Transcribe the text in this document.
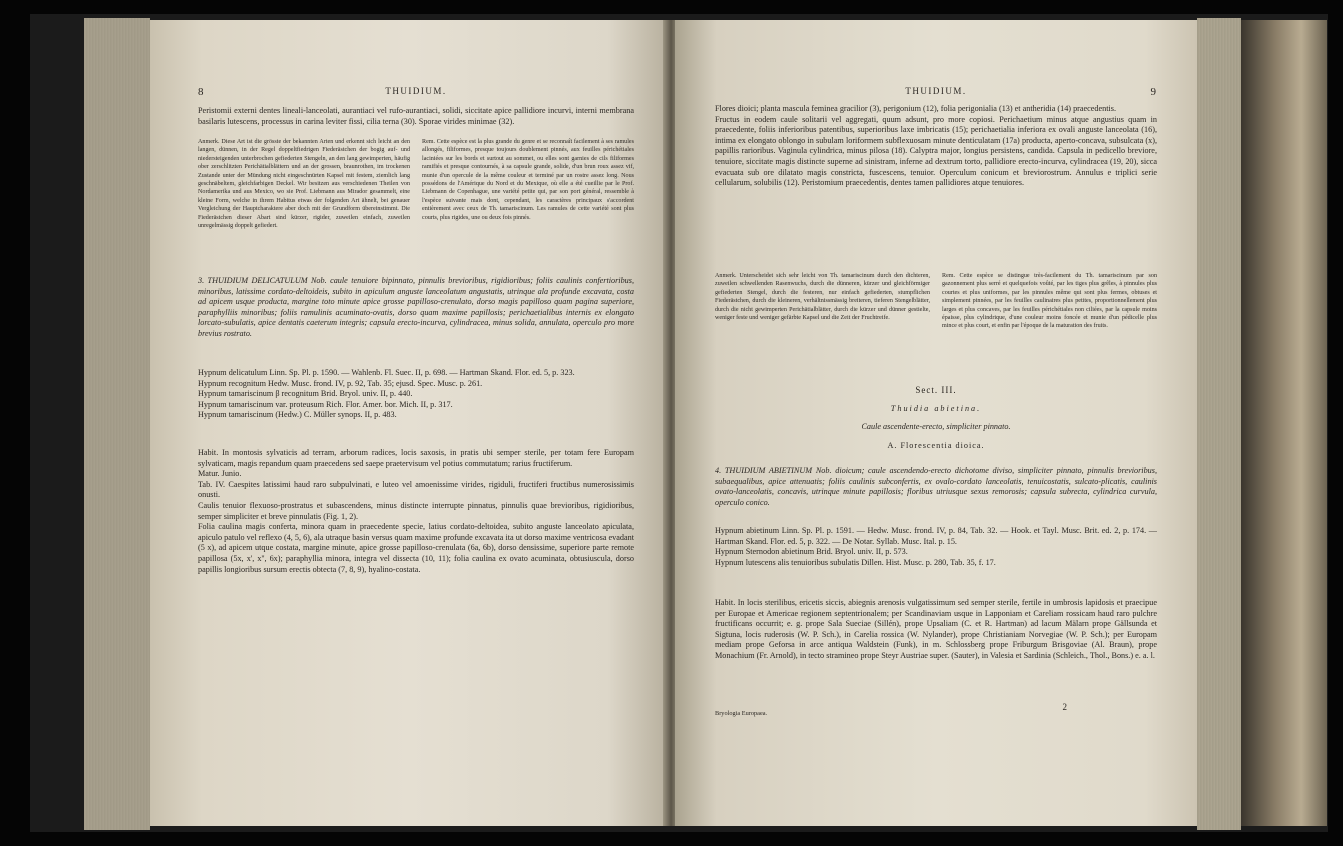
8	THUIDIUM.

Peristomii externi dentes lineali-lanceolati, aurantiaci vel rufo-aurantiaci, solidi, siccitate apice pallidiore incurvi, interni membrana basilaris lutescens, processus in carina leviter fissi, cilia terna (30). Sporae virides minimae (32).

Anmerk. Diese Art ist die grösste der bekannten Arten und erkennt sich leicht an den langen, dünnen, in der Regel doppeltfiedrigen Fiederästchen der bogig auf- und niedersteigenden unterbrochen gefiederten Stengeln, an den lang gewimperten, häufig ober zerschlitzten Perichätialblättern und an der grossen, braunrothen, im trockenen Zustande unter der Mündung nicht eingeschnürten Kapsel mit festem, ziemlich lang geschnäbeltem, gleichfarbigen Deckel. Wir besitzen aus verschiedenen Theilen von Nordamerika und aus Mexico, wo sie Prof. Liebmann aus Mirador gesammelt, eine kleine Form, welche in ihrem Habitus etwas der folgenden Art ähnelt, bei genauer Vergleichung der Hauptcharaktere aber doch mit der Grundform übereinstimmt. Die Fiederästchen dieser Abart sind kürzer, rigider, zuweilen einfach, zuweilen unregelmässig doppelt gefiedert.
Rem. Cette espèce est la plus grande du genre et se reconnaît facilement à ses ramules allongés, filiformes, presque toujours doublement pinnés, aux feuilles périchétiales laciniées sur les bords et surtout au sommet, ou elles sont garnies de cils filiformes ramifiés et presque contournés, à sa capsule grande, solide, d'un brun roux assez vif, munie d'un opercule de la même couleur et terminé par un rostre assez long. Nous possédons de l'Amérique du Nord et du Mexique, où elle a été cueillie par le Prof. Liebmann de Copenhague, une variété petite qui, par son port général, ressemble à l'espèce suivante mais dont, cependant, les caractères principaux s'accordent entièrement avec ceux de Th. tamariscinum. Les ramules de cette variété sont plus courts, plus rigides, une ou deux fois pinnés.

3. THUIDIUM DELICATULUM Nob. caule tenuiore bipinnato, pinnulis brevioribus, rigidioribus; foliis caulinis confertioribus, minoribus, latissime cordato-deltoideis, subito in apiculum anguste lanceolatum angustatis, utrinque ala profunde excavata, costa ad apicem usque producta, margine toto minute apice grosse papilloso-crenulato, dorso magis papilloso quam pagina superiore, paraphylliis minoribus; foliis ramulinis acuminato-ovatis, dorso quam maxime papillosis; perichaetialibus internis ex elongato lorcato-subulatis, apice dentatis caeterum integris; capsula erecto-incurva, cylindracea, minus solida, annulata, operculo pro more brevius rostrato.

Hypnum delicatulum Linn. Sp. Pl. p. 1590. — Wahlenb. Fl. Suec. II, p. 698. — Hartman Skand. Flor. ed. 5, p. 323.

Hypnum recognitum Hedw. Musc. frond. IV, p. 92, Tab. 35; ejusd. Spec. Musc. p. 261.

Hypnum tamariscinum β recognitum Brid. Bryol. univ. II, p. 440.

Hypnum tamariscinum var. proteusum Rich. Flor. Amer. bor. Mich. II, p. 317.

Hypnum tamariscinum (Hedw.) C. Müller synops. II, p. 483.

Habit. In montosis sylvaticis ad terram, arborum radices, locis saxosis, in pratis ubi semper sterile, per totam fere Europam sylvaticam, magis repandum quam praecedens sed saepe praetervisum vel potius commutatum; rarius fructiferum.

Matur. Junio.

Tab. IV. Caespites latissimi haud raro subpulvinati, e luteo vel amoenissime virides, rigiduli, fructiferi fructibus numerosissimis onusti.

Caulis tenuior flexuoso-prostratus et subascendens, minus distincte interrupte pinnatus, pinnulis quae brevioribus, rigidioribus, semper simpliciter et breve pinnulatis (Fig. 1, 2).

Folia caulina magis conferta, minora quam in praecedente specie, latius cordato-deltoidea, subito anguste lanceolato apiculata, apiculo patulo vel reflexo (4, 5, 6), ala utraque basin versus quam maxime profunde excavata ita ut dorso maxime ventricosa evadant (5 x), ad apicem utque costata, margine minute, apice grosse papilloso-crenulata (6a, 6b), dorso densissime, superiore parte remote papillosa (5x, x', x'', 6x); paraphyllia minora, integra vel dissecta (10, 11); folia caulina ex ovato acuminata, obtusiuscula, dorso papillis longioribus sursum erectis obtecta (7, 8, 9), hyalino-costata.

THUIDIUM.	9

Flores dioici; planta mascula feminea gracilior (3), perigonium (12), folia perigonialia (13) et antheridia (14) praecedentis.

Fructus in eodem caule solitarii vel aggregati, quum adsunt, pro more copiosi. Perichaetium minus atque angustius quam in praecedente, foliis inferioribus patentibus, superioribus laxe imbricatis (15); perichaetialia inferiora ex ovali anguste lanceolata (16), intima ex elongato oblongo in subulam loriformem subflexuosam minute denticulatam (17a) producta, aperto-concava, subsulcata (x), papillis rarioribus. Vaginula cylindrica, minus pilosa (18). Calyptra major, longius persistens, candida. Capsula in pedicello breviore, tenuiore, siccitate magis distincte superne ad sinistram, inferne ad dextrum torto, pallidiore erecto-incurva, cylindracea (19, 20), sicca evacuata sub ore dilatato magis constricta, fuscescens, tenuior. Operculum conicum et breviorostrum. Annulus e triplici serie cellularum, solubilis (12). Peristomium praecedentis, dentes tamen pallidiores atque tenuiores.

Anmerk. Unterscheidet sich sehr leicht von Th. tamariscinum durch den dichteren, zuweilen schwellenden Rasenwuchs, durch die dünneren, kürzer und gleichförmiger gefiederten Stengel, durch die festeren, nur einfach gefiederten, stumpflichen Fiederästchen, durch die kleineren, verhältnissmässig breiteren, tieferen Stengelblätter, durch die nicht gewimperten Perichätialblätter, durch die kürzer und dünner gestielte, weniger feste und weniger gefärbte Kapsel und die Zeit der Fruchtreife.
Rem. Cette espèce se distingue très-facilement du Th. tamariscinum par son gazonnement plus serré et quelquefois voûté, par les tiges plus grêles, à pinnules plus courtes et plus uniformes, par les pinnules même qui sont plus fermes, obtuses et simplement pinnées, par les feuilles caulinaires plus petites, proportionnellement plus larges et plus concaves, par les feuilles périchétiales non ciliées, par la capsule moins épaisse, plus cylindrique, d'une couleur moins foncée et munie d'un pédicelle plus mince et plus court, et enfin par l'époque de la maturation des fruits.
Sect. III.
Thuidia abietina.
Caule ascendente-erecto, simpliciter pinnato.
A. Florescentia dioica.

4. THUIDIUM ABIETINUM Nob. dioicum; caule ascendendo-erecto dichotome diviso, simpliciter pinnato, pinnulis brevioribus, subaequalibus, apice attenuatis; foliis caulinis subconfertis, ex ovalo-cordato lanceolatis, tenuicostatis, sulcato-plicatis, caulinis ovato-lanceolatis, concavis, utrinque minute papillosis; floribus utriusque sexus remorosis; capsula subrecta, cylindrica curvula, operculo conico.

Hypnum abietinum Linn. Sp. Pl. p. 1591. — Hedw. Musc. frond. IV, p. 84, Tab. 32. — Hook. et Tayl. Musc. Brit. ed. 2, p. 174. — Hartman Skand. Flor. ed. 5, p. 322. — De Notar. Syllab. Musc. Ital. p. 15.

Hypnum Sternodon abietinum Brid. Bryol. univ. II, p. 573.

Hypnum lutescens alis tenuioribus subulatis Dillen. Hist. Musc. p. 280, Tab. 35, f. 17.

Habit. In locis sterilibus, ericetis siccis, abiegnis arenosis vulgatissimum sed semper sterile, fertile in umbrosis lapidosis et praecipue per Europae et Americae regionem septentrionalem; per Scandinaviam usque in Lapponiam et Careliam rossicam haud raro pulchre fructificans occurrit; e. g. prope Sala Sueciae (Sillén), prope Upsaliam (C. et R. Hartman) ad lacum Mälarn prope Gällsunda et Sigtuna, locis ruderosis (W. P. Sch.), in Carelia rossica (W. Nylander), prope Christianiam Norvegiae (W. P. Sch.); per Europam mediam prope Geforsa in arce antiqua Waldstein (Funk), in m. Schlossberg prope Friburgum Brisgoviae (Al. Braun), prope Monachium (Fr. Arnold), in tecto stramineo prope Steyr Austriae super. (Sauter), in Valesia et Sardinia (Schleich., Thol., Bons.) e. a. l.

Bryologia Europaea.
2
